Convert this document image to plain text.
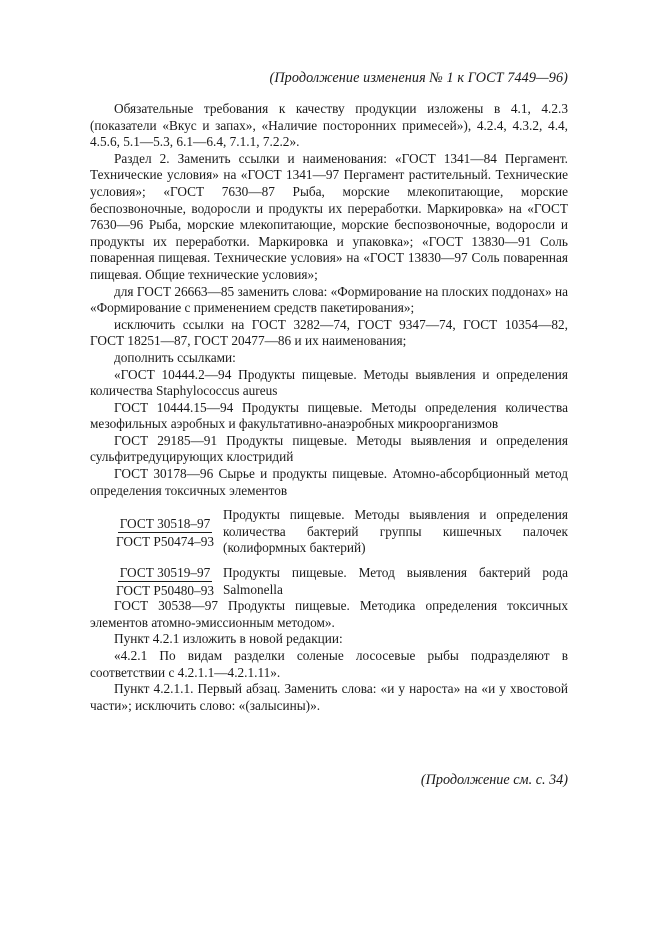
(Продолжение изменения № 1 к ГОСТ 7449—96)

Обязательные требования к качеству продукции изложены в 4.1, 4.2.3 (показатели «Вкус и запах», «Наличие посторонних примесей»), 4.2.4, 4.3.2, 4.4, 4.5.6, 5.1—5.3, 6.1—6.4, 7.1.1, 7.2.2».

Раздел 2. Заменить ссылки и наименования: «ГОСТ 1341—84 Пергамент. Технические условия» на «ГОСТ 1341—97 Пергамент растительный. Технические условия»; «ГОСТ 7630—87 Рыба, морские млекопитающие, морские беспозвоночные, водоросли и продукты их переработки. Маркировка» на «ГОСТ 7630—96 Рыба, морские млекопитающие, морские беспозвоночные, водоросли и продукты их переработки. Маркировка и упаковка»; «ГОСТ 13830—91 Соль поваренная пищевая. Технические условия» на «ГОСТ 13830—97 Соль поваренная пищевая. Общие технические условия»;

для ГОСТ 26663—85 заменить слова: «Формирование на плоских поддонах» на «Формирование с применением средств пакетирования»;

исключить ссылки на ГОСТ 3282—74, ГОСТ 9347—74, ГОСТ 10354—82, ГОСТ 18251—87, ГОСТ 20477—86 и их наименования;

дополнить ссылками:

«ГОСТ 10444.2—94 Продукты пищевые. Методы выявления и определения количества Staphylococcus aureus

ГОСТ 10444.15—94 Продукты пищевые. Методы определения количества мезофильных аэробных и факультативно-анаэробных микроорганизмов

ГОСТ 29185—91 Продукты пищевые. Методы выявления и определения сульфитредуцирующих клостридий

ГОСТ 30178—96 Сырье и продукты пищевые. Атомно-абсорбционный метод определения токсичных элементов

$\frac{\text{ГОСТ 30518–97}}{\text{ГОСТ Р50474–93}}$
Продукты пищевые. Методы выявления и определения количества бактерий группы кишечных палочек (колиформных бактерий)
$\frac{\text{ГОСТ 30519–97}}{\text{ГОСТ Р50480–93}}$ Продукты пищевые. Метод выявления бактерий рода Salmonella

ГОСТ 30538—97 Продукты пищевые. Методика определения токсичных элементов атомно-эмиссионным методом».

Пункт 4.2.1 изложить в новой редакции:

«4.2.1 По видам разделки соленые лососевые рыбы подразделяют в соответствии с 4.2.1.1—4.2.1.11».

Пункт 4.2.1.1. Первый абзац. Заменить слова: «и у нароста» на «и у хвостовой части»; исключить слово: «(залысины)».

(Продолжение см. с. 34)
